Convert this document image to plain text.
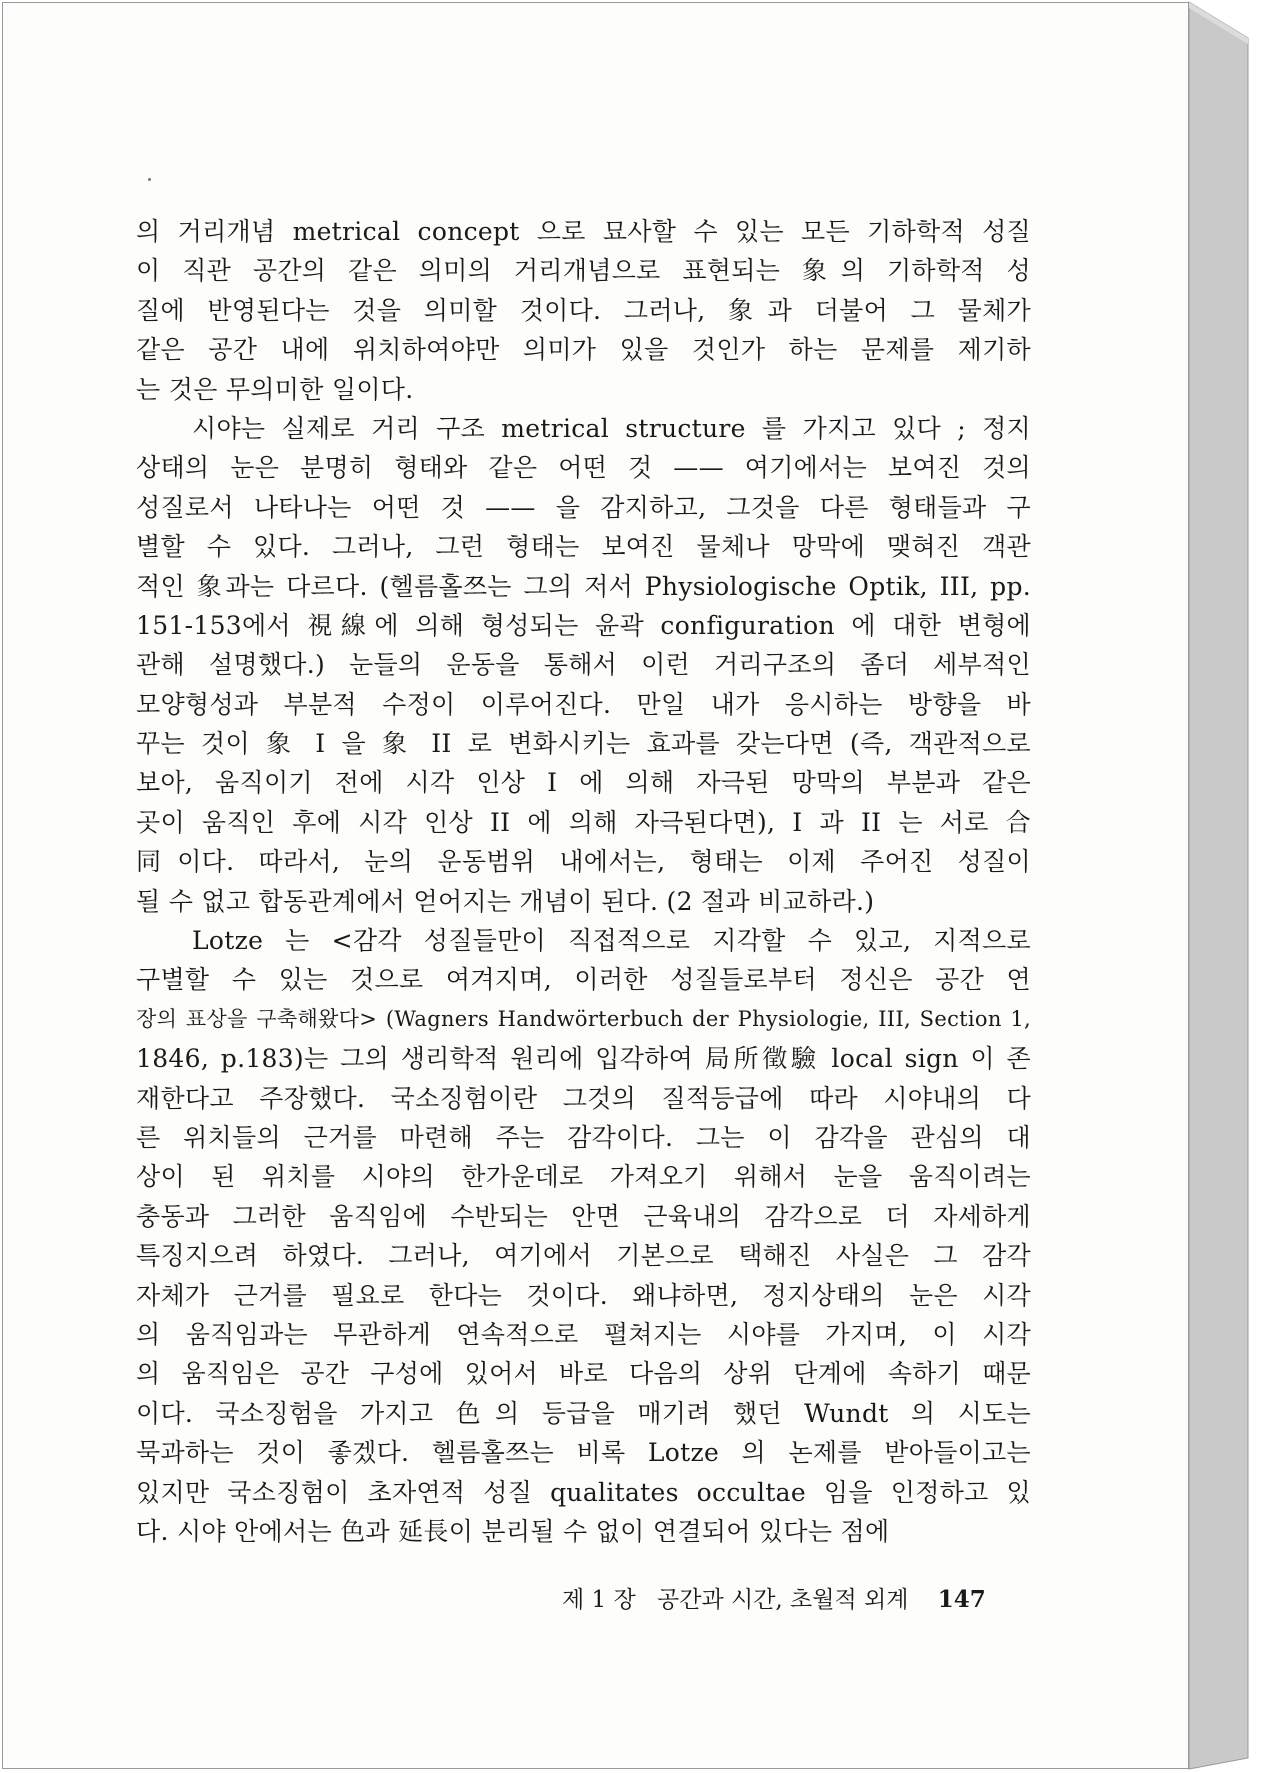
의 거리개념 metrical concept 으로 묘사할 수 있는 모든 기하학적 성질
이 직관 공간의 같은 의미의 거리개념으로 표현되는 象의 기하학적 성
질에 반영된다는 것을 의미할 것이다. 그러나, 象과 더불어 그 물체가
같은 공간 내에 위치하여야만 의미가 있을 것인가 하는 문제를 제기하
는 것은 무의미한 일이다.
시야는 실제로 거리 구조 metrical structure 를 가지고 있다 ; 정지
상태의 눈은 분명히 형태와 같은 어떤 것 —— 여기에서는 보여진 것의
성질로서 나타나는 어떤 것 —— 을 감지하고, 그것을 다른 형태들과 구
별할 수 있다. 그러나, 그런 형태는 보여진 물체나 망막에 맺혀진 객관
적인 象과는 다르다. (헬름홀쯔는 그의 저서 Physiologische Optik, III, pp.
151-153에서 視線에 의해 형성되는 윤곽 configuration 에 대한 변형에
관해 설명했다.) 눈들의 운동을 통해서 이런 거리구조의 좀더 세부적인
모양형성과 부분적 수정이 이루어진다. 만일 내가 응시하는 방향을 바
꾸는 것이 象 I 을 象 II 로 변화시키는 효과를 갖는다면 (즉, 객관적으로
보아, 움직이기 전에 시각 인상 I 에 의해 자극된 망막의 부분과 같은
곳이 움직인 후에 시각 인상 II 에 의해 자극된다면), I 과 II 는 서로 合
同이다. 따라서, 눈의 운동범위 내에서는, 형태는 이제 주어진 성질이
될 수 없고 합동관계에서 얻어지는 개념이 된다. (2 절과 비교하라.)
Lotze 는 <감각 성질들만이 직접적으로 지각할 수 있고, 지적으로
구별할 수 있는 것으로 여겨지며, 이러한 성질들로부터 정신은 공간 연
장의 표상을 구축해왔다> (Wagners Handwörterbuch der Physiologie, III, Section 1,
1846, p.183)는 그의 생리학적 원리에 입각하여 局所徵驗 local sign 이 존
재한다고 주장했다. 국소징험이란 그것의 질적등급에 따라 시야내의 다
른 위치들의 근거를 마련해 주는 감각이다. 그는 이 감각을 관심의 대
상이 된 위치를 시야의 한가운데로 가져오기 위해서 눈을 움직이려는
충동과 그러한 움직임에 수반되는 안면 근육내의 감각으로 더 자세하게
특징지으려 하였다. 그러나, 여기에서 기본으로 택해진 사실은 그 감각
자체가 근거를 필요로 한다는 것이다. 왜냐하면, 정지상태의 눈은 시각
의 움직임과는 무관하게 연속적으로 펼쳐지는 시야를 가지며, 이 시각
의 움직임은 공간 구성에 있어서 바로 다음의 상위 단계에 속하기 때문
이다. 국소징험을 가지고 色의 등급을 매기려 했던 Wundt 의 시도는
묵과하는 것이 좋겠다. 헬름홀쯔는 비록 Lotze 의 논제를 받아들이고는
있지만 국소징험이 초자연적 성질 qualitates occultae 임을 인정하고 있
다. 시야 안에서는 色과 延長이 분리될 수 없이 연결되어 있다는 점에
제 1 장 공간과 시간, 초월적 외계 147
